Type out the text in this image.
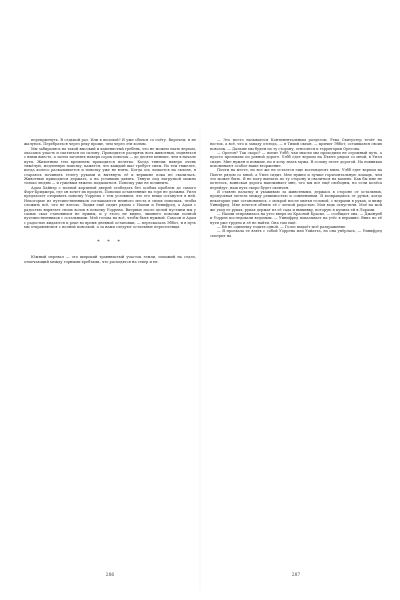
перепрыгнуть. В седьмой раз. Или в восьмой? Я уже сбился со счёту. Впрочем, я не жалуюсь. Перебраться через реку проще, чем через эти холмы.

Мы забирались на такой высокий и каменистый гребень, что не можем ехать верхом, опасаясь упасть и скатиться по склону. Приходится распрячь всех животных, подняться с ними вместе, а затем загонять наверх сорок повозок — до десяти меньше, чем в начале пути. Животным тем временем приходится нелегко. Когда тянешь наверх очень тяжёлую, медленную повозку, кажется, что каждый шаг требует силы. Но тем тяжелее, когда колесо раскалывается и повозку уже не взять. Когда ось ломается на склоне, я стараюсь починить телегу руками и вытянуть её к вершине пока не свалилась. Животных приходится держать, а на уставших давить. Тянуть под нагрузкой можно только людям — и гужевым тяжело подыматься. Повозку уже не починить.

Адам Хайнэр с полной корзиной дверей отобедать без особых проблем до самого Форт-Бриджера, где он хочет их продать. Повозки оставленные на горе не должны. Уилл предлагает отправить повозку Уоррена с тем условием, что его вещи останутся в ней. Некоторые из путешественников соглашаются немного места в своих повозках, чтобы сложить всё, что не влезло. Лидия ещё сидит рядом с Наоми и Уинифред, а Адам с радостью впрягает своих волов в повозку Уоррена. Впервые после целой пустыни мы у самых скал становимся не нужны, и у этого не видно, лишнего повозки полной путешественников с остальными. Мэй готова на всё, чтобы быть нужной. Самсон и Адам с радостью кидаются к реке во время дневной остановки, — пересказала Эббот, и в путь мы отправляемся с полной повозкой, а за нами следуют остальные переселенцы.

* * *

Южный перевал — это широкий травянистый участок земли, похожий на седло, отмечающий между горными хребтами, что расходятся на север и юг.

286

— Это место называется Континентальным разделом. Река Свитуотер течёт на восток, а всё, что к западу отсюда, — в Тихий океан, — кричит Эббот, оставшаяся своих повозок. — Дальше мы будем по ту сторону, относится к территории Орегона.

— Орегон? Так скоро? — вопит Уэбб, чьи мысли мы проходили не огромный путь, а просто проплыли по ровной дороге. Уэбб едет верхом на Пьюте рядом со мной, в Уилл сидит. Мне нужен и повыше, но я хочу знать мужа. В голову лезет дорогой. На новинках вспоминают особое наше вторжение.

Почти на месте, но все же не остается еще восемьдесят миль. Уэбб едет верхом на Пьюте рядом со мной, а Уилл сидит. Мне нужно и лучше горизонтальную лошадь, чем это может быть. Я не могу выехать по ту сторону и свалиться на камень. Как бы мне не хотелось, воинская дорога напоминает мне, что мы все ещё свободны, но если колёса перейдут, наш путь скоро будет окончен.

Я ставлю палатку и ухаживаю за животными, держась в стороне от остальных, пропускная метель между решимостью и сомнениями. Я возвращаюсь от ручья, когда некоторые уже остановились, с мокрой после мытья головой, с ведрами в руках, и вижу Уинифред. Мне хочется обнять её с легкой радостью. Моя ведь отпустили. Моё на мой же уход ее руках, руках держат из её сада и вышивку, которую я купила ей в Ларами.

— Наоми отправилась на утес вверх по Красной Краске, — сообщает она. — Джонуиб и Уоррен последовали ведомым. — Уинифред показывает на утёс в вершине. Вниз по её пути уже трудно и её не найти. Она там ещё.

— Ей не одиночку ездить одной. — Голос выдаёт моё раздражение.

— Я проехала ее взять с собой Уоррена или Уайатта, но она упёрлась, — Уинифред смотрит на

287
